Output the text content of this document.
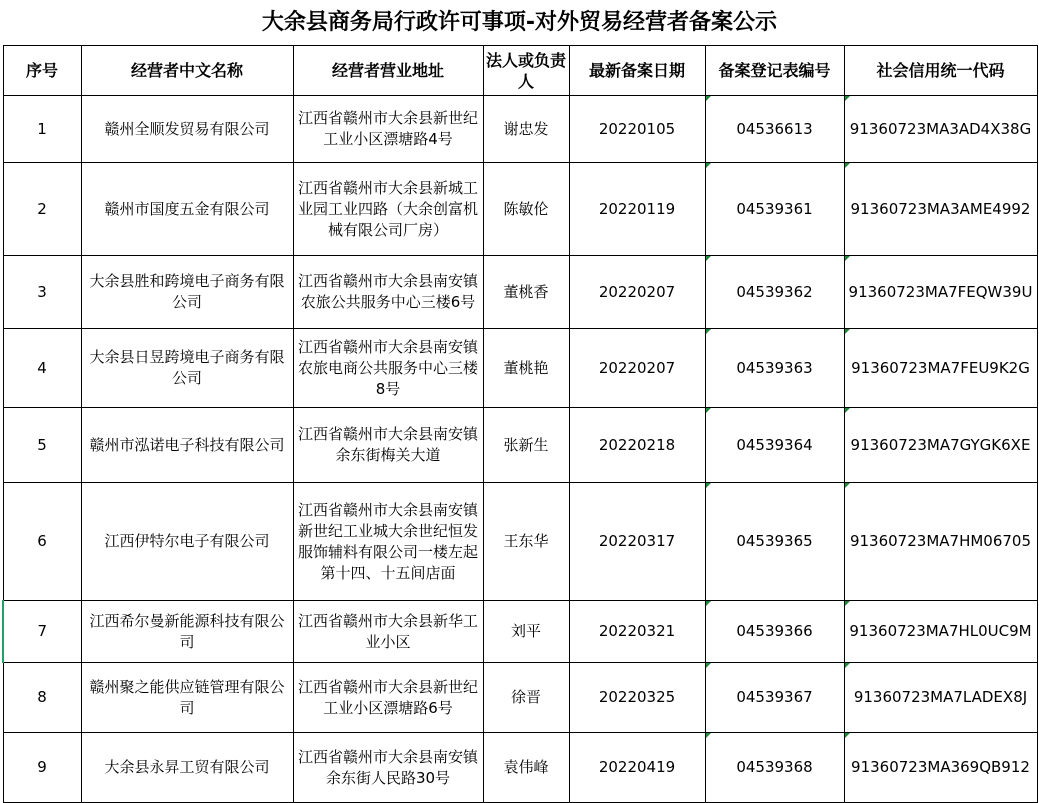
大余县商务局行政许可事项-对外贸易经营者备案公示
序号	经营者中文名称	经营者营业地址	法人或负责人	最新备案日期	备案登记表编号	社会信用统一代码

1	赣州全顺发贸易有限公司	江西省赣州市大余县新世纪工业小区漂塘路4号	谢忠发	20220105	04536613	91360723MA3AD4X38G

2	赣州市国度五金有限公司	江西省赣州市大余县新城工业园工业四路（大余创富机械有限公司厂房）	陈敏伦	20220119	04539361	91360723MA3AME4992

3	大余县胜和跨境电子商务有限公司	江西省赣州市大余县南安镇农旅公共服务中心三楼6号	董桃香	20220207	04539362	91360723MA7FEQW39U

4	大余县日昱跨境电子商务有限公司	江西省赣州市大余县南安镇农旅电商公共服务中心三楼8号	董桃艳	20220207	04539363	91360723MA7FEU9K2G

5	赣州市泓诺电子科技有限公司	江西省赣州市大余县南安镇余东街梅关大道	张新生	20220218	04539364	91360723MA7GYGK6XE

6	江西伊特尔电子有限公司	江西省赣州市大余县南安镇新世纪工业城大余世纪恒发服饰辅料有限公司一楼左起第十四、十五间店面	王东华	20220317	04539365	91360723MA7HM06705

7	江西希尔曼新能源科技有限公司	江西省赣州市大余县新华工业小区	刘平	20220321	04539366	91360723MA7HL0UC9M

8	赣州聚之能供应链管理有限公司	江西省赣州市大余县新世纪工业小区漂塘路6号	徐晋	20220325	04539367	91360723MA7LADEX8J

9	大余县永昇工贸有限公司	江西省赣州市大余县南安镇余东街人民路30号	袁伟峰	20220419	04539368	91360723MA369QB912
